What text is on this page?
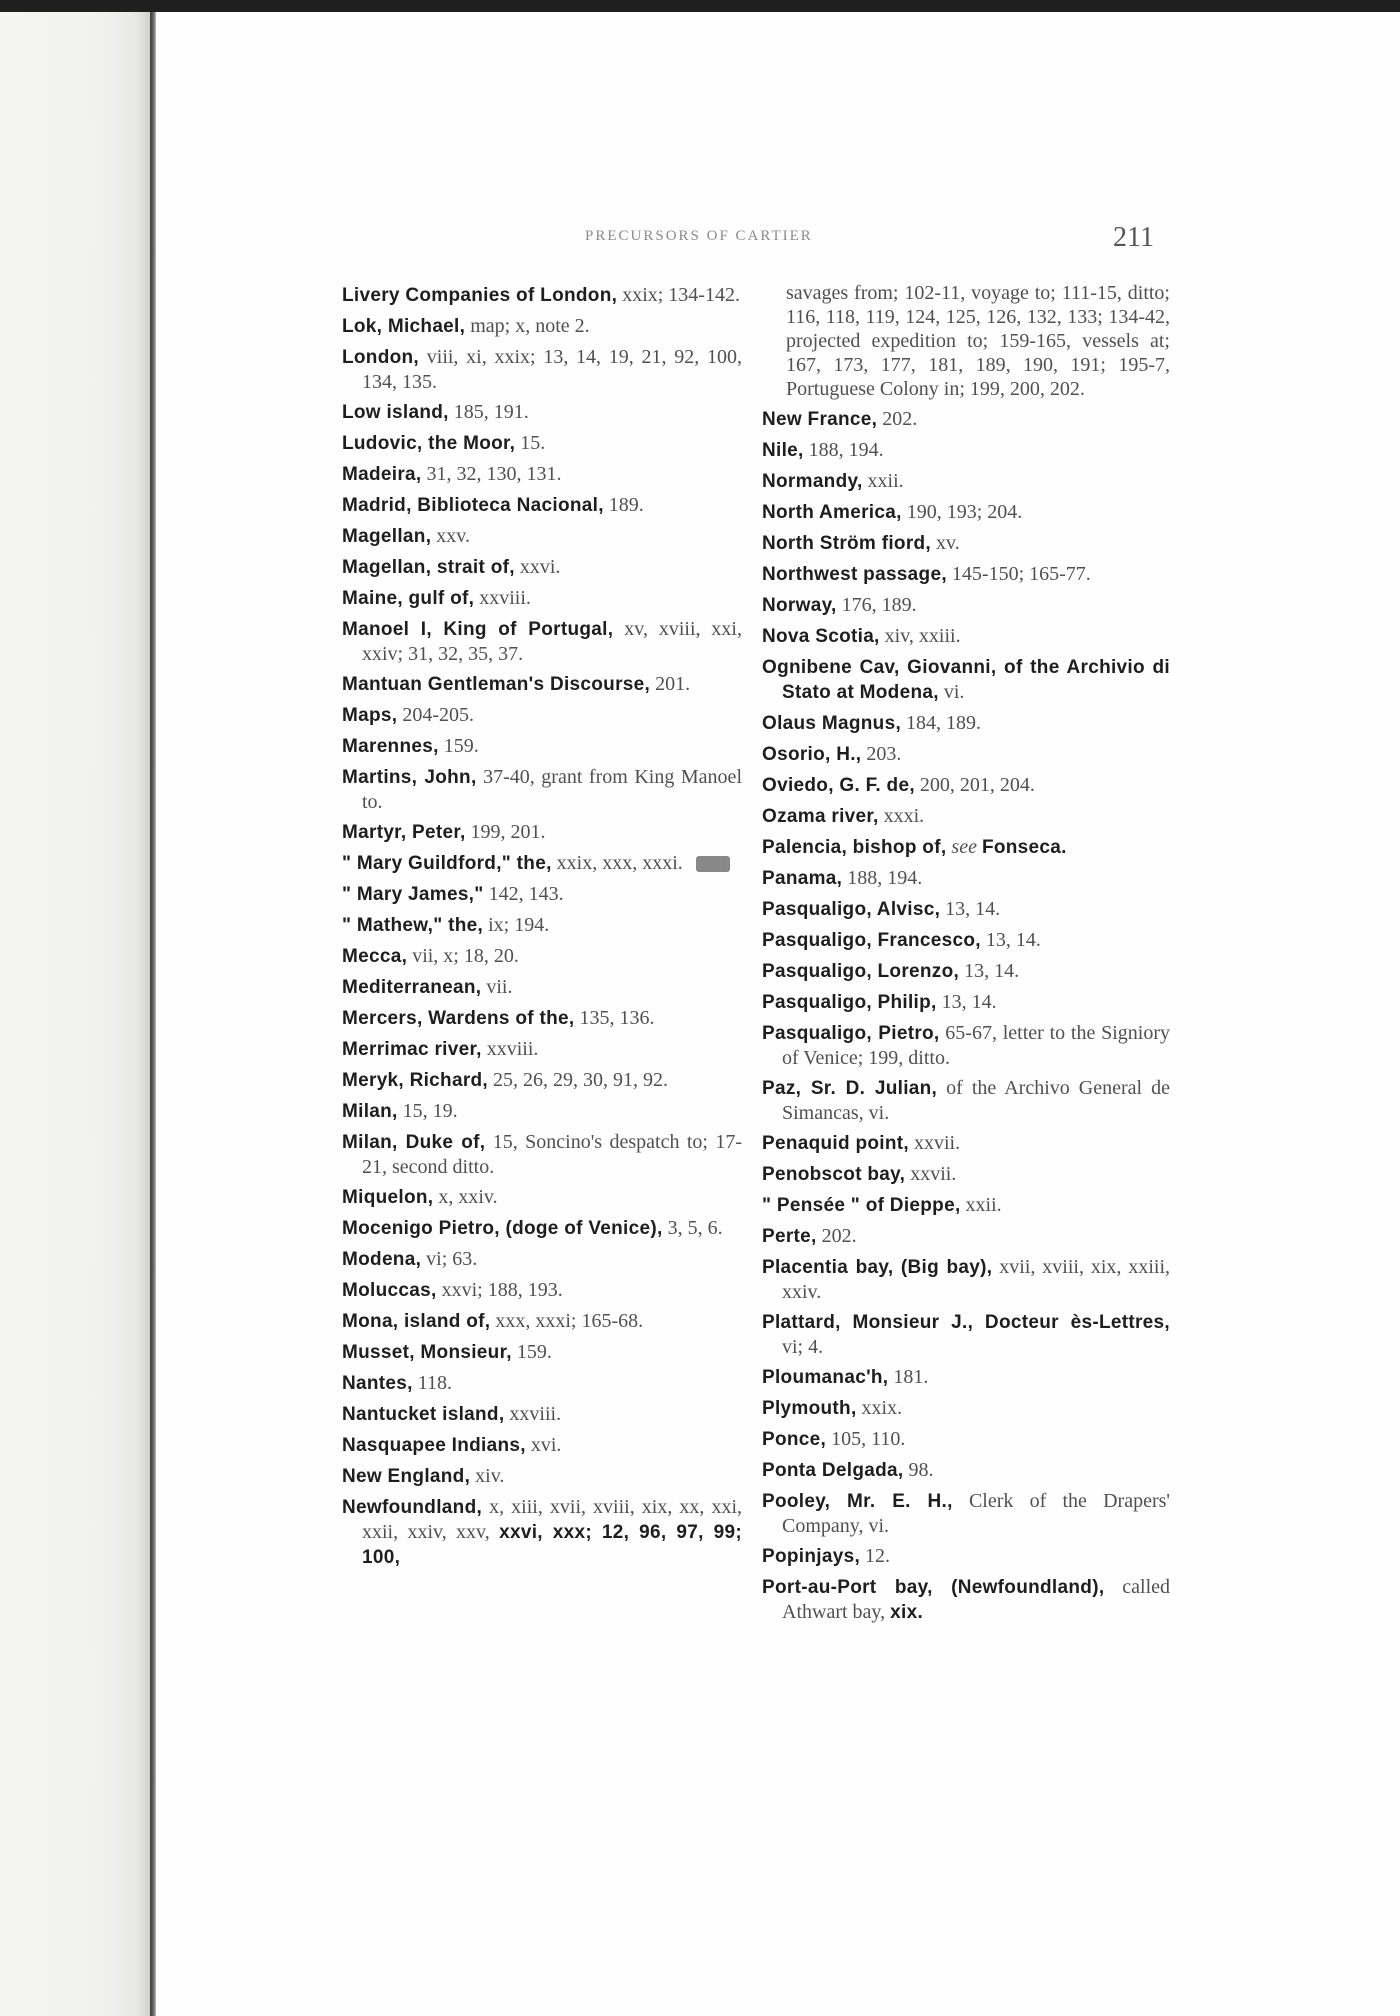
PRECURSORS OF CARTIER	211
Livery Companies of London, xxix; 134-142.
Lok, Michael, map; x, note 2.
London, viii, xi, xxix; 13, 14, 19, 21, 92, 100, 134, 135.
Low island, 185, 191.
Ludovic, the Moor, 15.
Madeira, 31, 32, 130, 131.
Madrid, Biblioteca Nacional, 189.
Magellan, xxv.
Magellan, strait of, xxvi.
Maine, gulf of, xxviii.
Manoel I, King of Portugal, xv, xviii, xxi, xxiv; 31, 32, 35, 37.
Mantuan Gentleman's Discourse, 201.
Maps, 204-205.
Marennes, 159.
Martins, John, 37-40, grant from King Manoel to.
Martyr, Peter, 199, 201.
" Mary Guildford," the, xxix, xxx, xxxi.
" Mary James," 142, 143.
" Mathew," the, ix; 194.
Mecca, vii, x; 18, 20.
Mediterranean, vii.
Mercers, Wardens of the, 135, 136.
Merrimac river, xxviii.
Meryk, Richard, 25, 26, 29, 30, 91, 92.
Milan, 15, 19.
Milan, Duke of, 15, Soncino's despatch to; 17-21, second ditto.
Miquelon, x, xxiv.
Mocenigo Pietro, (doge of Venice), 3, 5, 6.
Modena, vi; 63.
Moluccas, xxvi; 188, 193.
Mona, island of, xxx, xxxi; 165-68.
Musset, Monsieur, 159.
Nantes, 118.
Nantucket island, xxviii.
Nasquapee Indians, xvi.
New England, xiv.
Newfoundland, x, xiii, xvii, xviii, xix, xx, xxi, xxii, xxiv, xxv, xxvi, xxx; 12, 96, 97, 99; 100,
savages from; 102-11, voyage to; 111-15, ditto; 116, 118, 119, 124, 125, 126, 132, 133; 134-42, projected expedition to; 159-165, vessels at; 167, 173, 177, 181, 189, 190, 191; 195-7, Portuguese Colony in; 199, 200, 202.
New France, 202.
Nile, 188, 194.
Normandy, xxii.
North America, 190, 193; 204.
North Ström fiord, xv.
Northwest passage, 145-150; 165-77.
Norway, 176, 189.
Nova Scotia, xiv, xxiii.
Ognibene Cav, Giovanni, of the Archivio di Stato at Modena, vi.
Olaus Magnus, 184, 189.
Osorio, H., 203.
Oviedo, G. F. de, 200, 201, 204.
Ozama river, xxxi.
Palencia, bishop of, see Fonseca.
Panama, 188, 194.
Pasqualigo, Alvisc, 13, 14.
Pasqualigo, Francesco, 13, 14.
Pasqualigo, Lorenzo, 13, 14.
Pasqualigo, Philip, 13, 14.
Pasqualigo, Pietro, 65-67, letter to the Signiory of Venice; 199, ditto.
Paz, Sr. D. Julian, of the Archivo General de Simancas, vi.
Penaquid point, xxvii.
Penobscot bay, xxvii.
" Pensée " of Dieppe, xxii.
Perte, 202.
Placentia bay, (Big bay), xvii, xviii, xix, xxiii, xxiv.
Plattard, Monsieur J., Docteur ès-Lettres, vi; 4.
Ploumanac'h, 181.
Plymouth, xxix.
Ponce, 105, 110.
Ponta Delgada, 98.
Pooley, Mr. E. H., Clerk of the Drapers' Company, vi.
Popinjays, 12.
Port-au-Port bay, (Newfoundland), called Athwart bay, xix.
